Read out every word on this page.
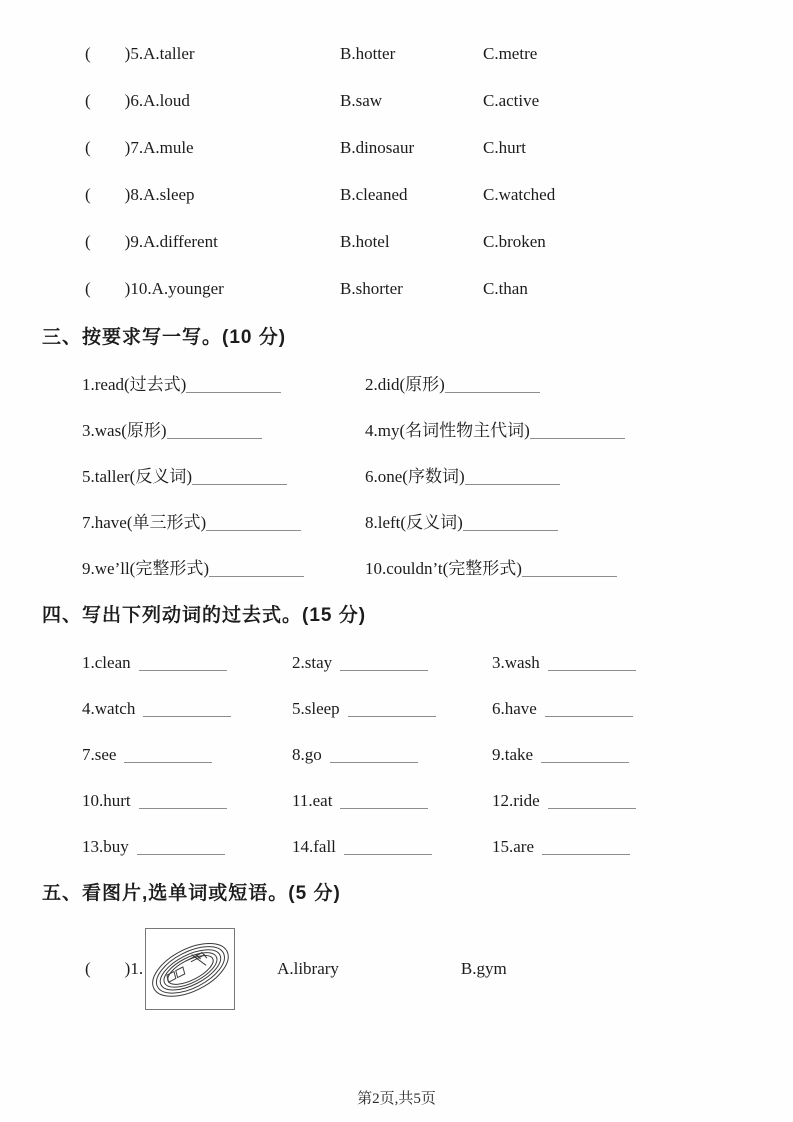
(        )5.A.taller	B.hotter	C.metre
(        )6.A.loud	B.saw	C.active
(        )7.A.mule	B.dinosaur	C.hurt
(        )8.A.sleep	B.cleaned	C.watched
(        )9.A.different	B.hotel	C.broken
(        )10.A.younger	B.shorter	C.than
三、按要求写一写。(10 分)
1.read(过去式)	2.did(原形)
3.was(原形)	4.my(名词性物主代词)
5.taller(反义词)	6.one(序数词)
7.have(单三形式)	8.left(反义词)
9.we’ll(完整形式)	10.couldn’t(完整形式)
四、写出下列动词的过去式。(15 分)
1.clean	2.stay	3.wash
4.watch	5.sleep	6.have
7.see	8.go	9.take
10.hurt	11.eat	12.ride
13.buy	14.fall	15.are
五、看图片,选单词或短语。(5 分)
(        ) 1.	A.library	B.gym
第2页,共5页
